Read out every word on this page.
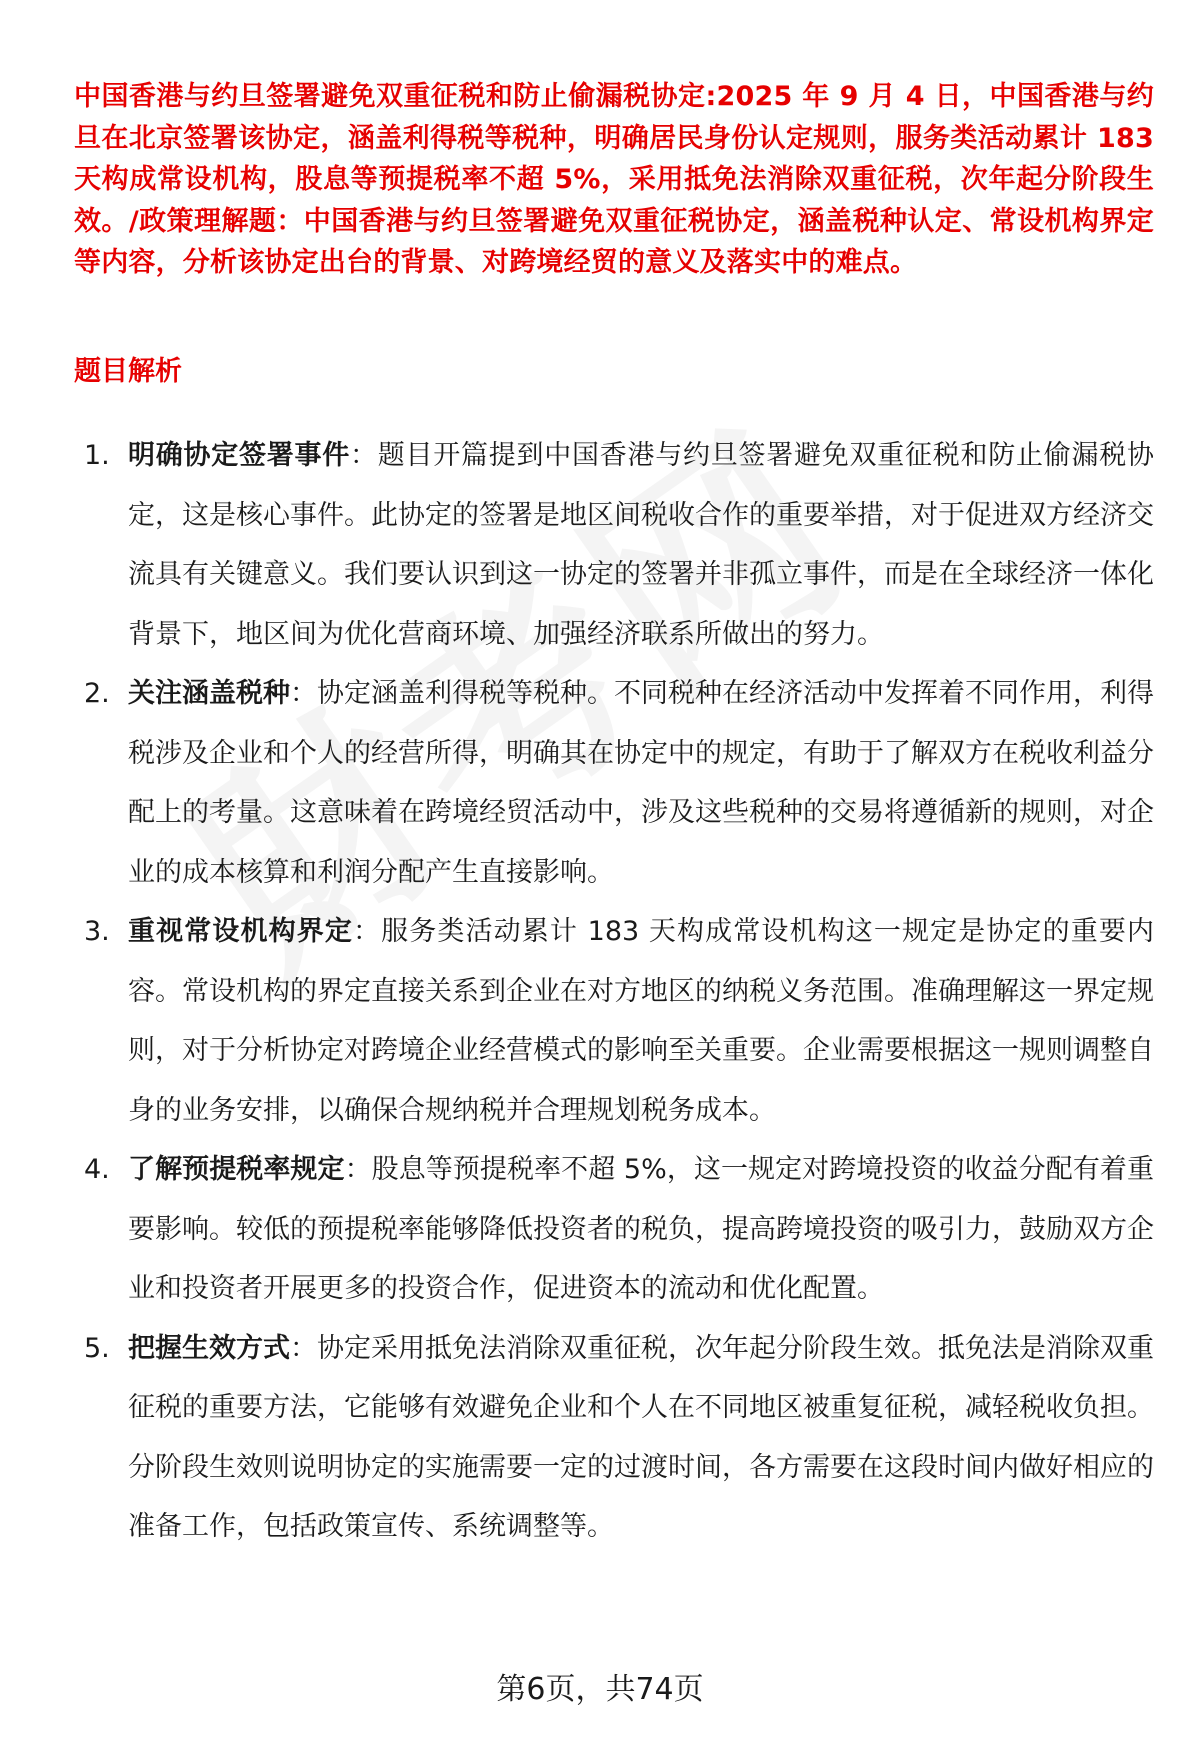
中国香港与约旦签署避免双重征税和防止偷漏税协定:2025 年 9 月 4 日，中国香港与约旦在北京签署该协定，涵盖利得税等税种，明确居民身份认定规则，服务类活动累计 183 天构成常设机构，股息等预提税率不超 5%，采用抵免法消除双重征税，次年起分阶段生效。/政策理解题：中国香港与约旦签署避免双重征税协定，涵盖税种认定、常设机构界定等内容，分析该协定出台的背景、对跨境经贸的意义及落实中的难点。
题目解析
1. 明确协定签署事件：题目开篇提到中国香港与约旦签署避免双重征税和防止偷漏税协定，这是核心事件。此协定的签署是地区间税收合作的重要举措，对于促进双方经济交流具有关键意义。我们要认识到这一协定的签署并非孤立事件，而是在全球经济一体化背景下，地区间为优化营商环境、加强经济联系所做出的努力。
2. 关注涵盖税种：协定涵盖利得税等税种。不同税种在经济活动中发挥着不同作用，利得税涉及企业和个人的经营所得，明确其在协定中的规定，有助于了解双方在税收利益分配上的考量。这意味着在跨境经贸活动中，涉及这些税种的交易将遵循新的规则，对企业的成本核算和利润分配产生直接影响。
3. 重视常设机构界定：服务类活动累计 183 天构成常设机构这一规定是协定的重要内容。常设机构的界定直接关系到企业在对方地区的纳税义务范围。准确理解这一界定规则，对于分析协定对跨境企业经营模式的影响至关重要。企业需要根据这一规则调整自身的业务安排，以确保合规纳税并合理规划税务成本。
4. 了解预提税率规定：股息等预提税率不超 5%，这一规定对跨境投资的收益分配有着重要影响。较低的预提税率能够降低投资者的税负，提高跨境投资的吸引力，鼓励双方企业和投资者开展更多的投资合作，促进资本的流动和优化配置。
5. 把握生效方式：协定采用抵免法消除双重征税，次年起分阶段生效。抵免法是消除双重征税的重要方法，它能够有效避免企业和个人在不同地区被重复征税，减轻税收负担。分阶段生效则说明协定的实施需要一定的过渡时间，各方需要在这段时间内做好相应的准备工作，包括政策宣传、系统调整等。
第6页，共74页
